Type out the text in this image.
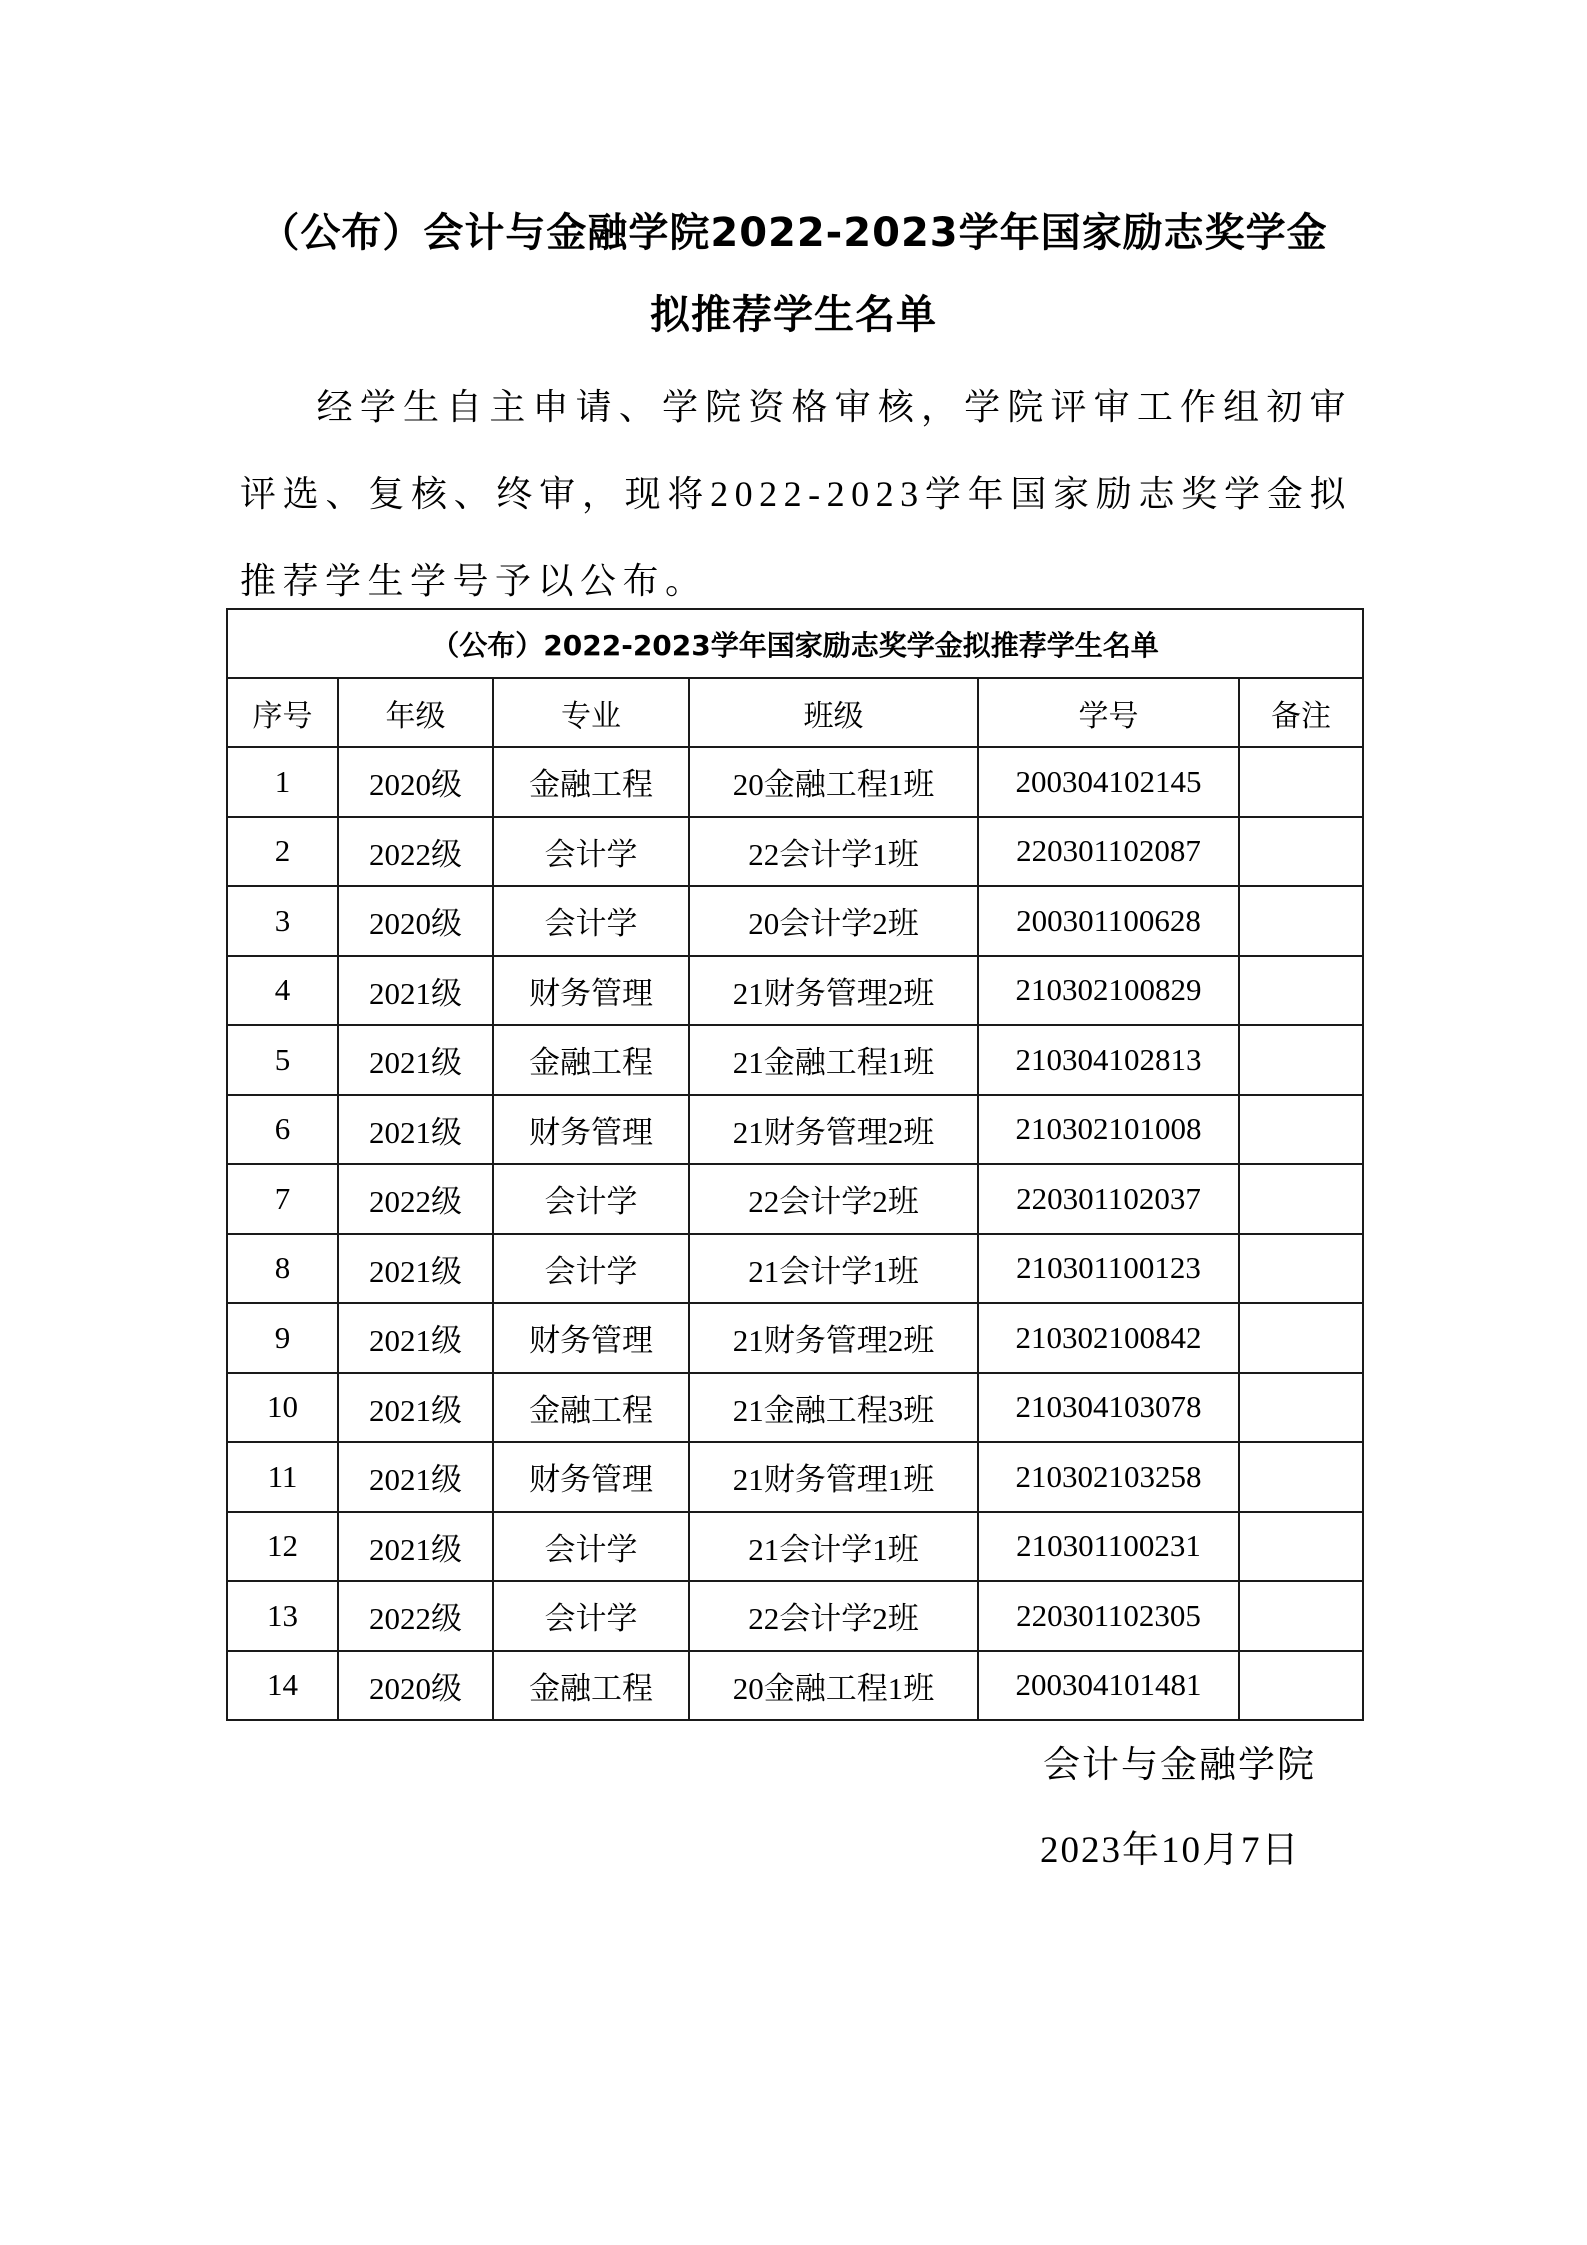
（公布）会计与金融学院2022-2023学年国家励志奖学金
拟推荐学生名单
经学生自主申请、学院资格审核，学院评审工作组初审评选、复核、终审，现将2022-2023学年国家励志奖学金拟推荐学生学号予以公布。
（公布）2022-2023学年国家励志奖学金拟推荐学生名单					
序号	年级	专业	班级	学号	备注
1	2020级	金融工程	20金融工程1班	200304102145	
2	2022级	会计学	22会计学1班	220301102087	
3	2020级	会计学	20会计学2班	200301100628	
4	2021级	财务管理	21财务管理2班	210302100829	
5	2021级	金融工程	21金融工程1班	210304102813	
6	2021级	财务管理	21财务管理2班	210302101008	
7	2022级	会计学	22会计学2班	220301102037	
8	2021级	会计学	21会计学1班	210301100123	
9	2021级	财务管理	21财务管理2班	210302100842	
10	2021级	金融工程	21金融工程3班	210304103078	
11	2021级	财务管理	21财务管理1班	210302103258	
12	2021级	会计学	21会计学1班	210301100231	
13	2022级	会计学	22会计学2班	220301102305	
14	2020级	金融工程	20金融工程1班	200304101481	
会计与金融学院
2023年10月7日
